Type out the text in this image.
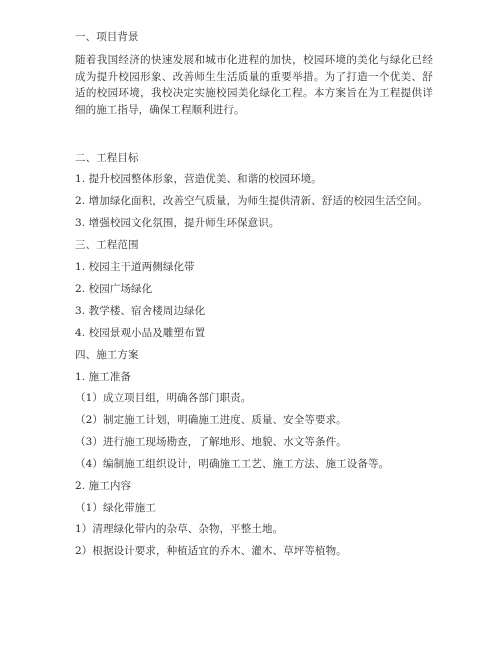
一、项目背景
随着我国经济的快速发展和城市化进程的加快，校园环境的美化与绿化已经成为提升校园形象、改善师生生活质量的重要举措。为了打造一个优美、舒适的校园环境，我校决定实施校园美化绿化工程。本方案旨在为工程提供详细的施工指导，确保工程顺利进行。
二、工程目标
1. 提升校园整体形象，营造优美、和谐的校园环境。
2. 增加绿化面积，改善空气质量，为师生提供清新、舒适的校园生活空间。
3. 增强校园文化氛围，提升师生环保意识。
三、工程范围
1. 校园主干道两侧绿化带
2. 校园广场绿化
3. 教学楼、宿舍楼周边绿化
4. 校园景观小品及雕塑布置
四、施工方案
1. 施工准备
（1）成立项目组，明确各部门职责。
（2）制定施工计划，明确施工进度、质量、安全等要求。
（3）进行施工现场勘查，了解地形、地貌、水文等条件。
（4）编制施工组织设计，明确施工工艺、施工方法、施工设备等。
2. 施工内容
（1）绿化带施工
1）清理绿化带内的杂草、杂物，平整土地。
2）根据设计要求，种植适宜的乔木、灌木、草坪等植物。
